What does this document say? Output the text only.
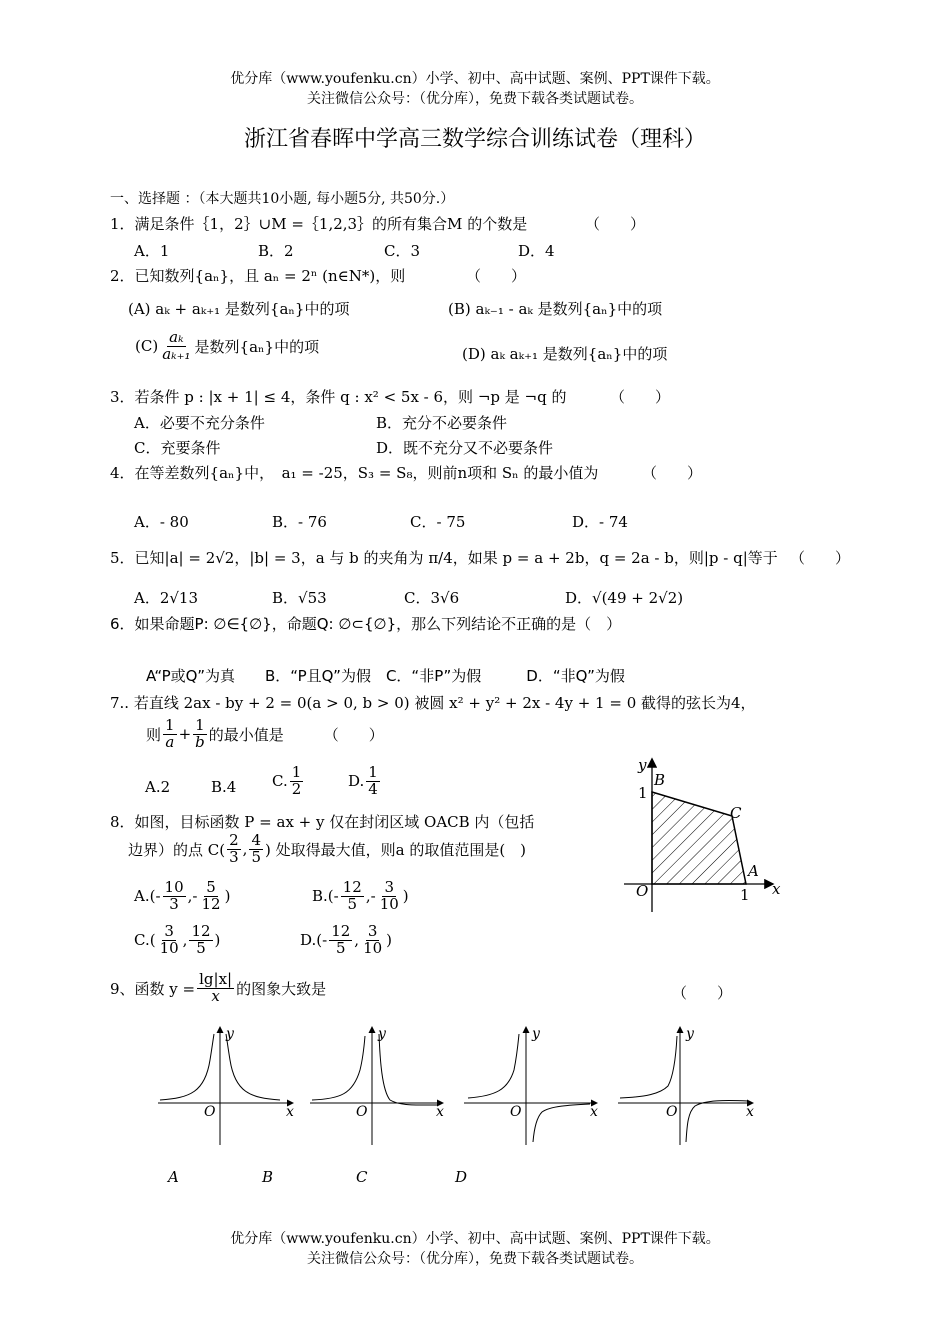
优分库（www.youfenku.cn）小学、初中、高中试题、案例、PPT课件下载。
关注微信公众号：（优分库），免费下载各类试题试卷。
浙江省春晖中学高三数学综合训练试卷（理科）
一、选择题 ：（本大题共10小题, 每小题5分, 共50分.）
1．满足条件｛1，2｝∪M =｛1,2,3｝的所有集合M 的个数是	（　　）
A．1	B．2	C．3	D．4
2．已知数列{aₙ}，且 aₙ = 2ⁿ (n∈N*)，则	（　　）
(A) aₖ + aₖ₊₁ 是数列{aₙ}中的项	(B) aₖ₋₁ - aₖ 是数列{aₙ}中的项
$(C) \frac{\text{aₖ}}{\text{aₖ₊₁}}$ 是数列{aₙ}中的项	(D) aₖ aₖ₊₁ 是数列{aₙ}中的项
3．若条件 p : |x + 1| ≤ 4，条件 q : x² < 5x - 6，则 ¬p 是 ¬q 的	（　　）
A．必要不充分条件	B．充分不必要条件
C．充要条件	D．既不充分又不必要条件
4．在等差数列{aₙ}中，　a₁ = -25，S₃ = S₈，则前n项和 Sₙ 的最小值为	（　　）
A．- 80	B．- 76	C．- 75	D．- 74
5．已知|a| = 2√2，|b| = 3，a 与 b 的夹角为 π/4，如果 p = a + 2b，q = 2a - b，则|p - q|等于 （　　）
A．2√13	B．√53	C．3√6	D．√(49 + 2√2)
6．如果命题P: ∅∈{∅}，命题Q: ∅⊂{∅}，那么下列结论不正确的是（　）
A“P或Q”为真　　B．“P且Q”为假　C．“非P”为假　　　D．“非Q”为假
7.. 若直线 2ax - by + 2 = 0(a > 0, b > 0) 被圆 x² + y² + 2x - 4y + 1 = 0 截得的弦长为4，
则 $\frac{1}{a} + \frac{1}{b}$ 的最小值是	（　　）
A.2	B.4 C. $\frac{1}{2}$	D. $\frac{1}{4}$
8．如图，目标函数 P = ax + y 仅在封闭区域 OACB 内（包括
边界）的点 $C( \frac{2}{3}$ , $\frac{4}{5}$ ) 处取得最大值，则a 的取值范围是(　)
$A.( - \frac{10}{3}$ , - $\frac{5}{12}$ )	$B.( - \frac{12}{5}$ , - $\frac{3}{10}$ )
$C.( \frac{3}{10}$ , $\frac{12}{5}$ )	$D.( - \frac{12}{5}$ , $\frac{3}{10}$ )
y
x
B
C
A
O
1
1
9、函数 $y = \frac{\lg|x|}{x}$ 的图象大致是	（　　）
O	x
y
O	x
y
O	x
y
O	x
y
A	B	C	D
优分库（www.youfenku.cn）小学、初中、高中试题、案例、PPT课件下载。
关注微信公众号：（优分库），免费下载各类试题试卷。
